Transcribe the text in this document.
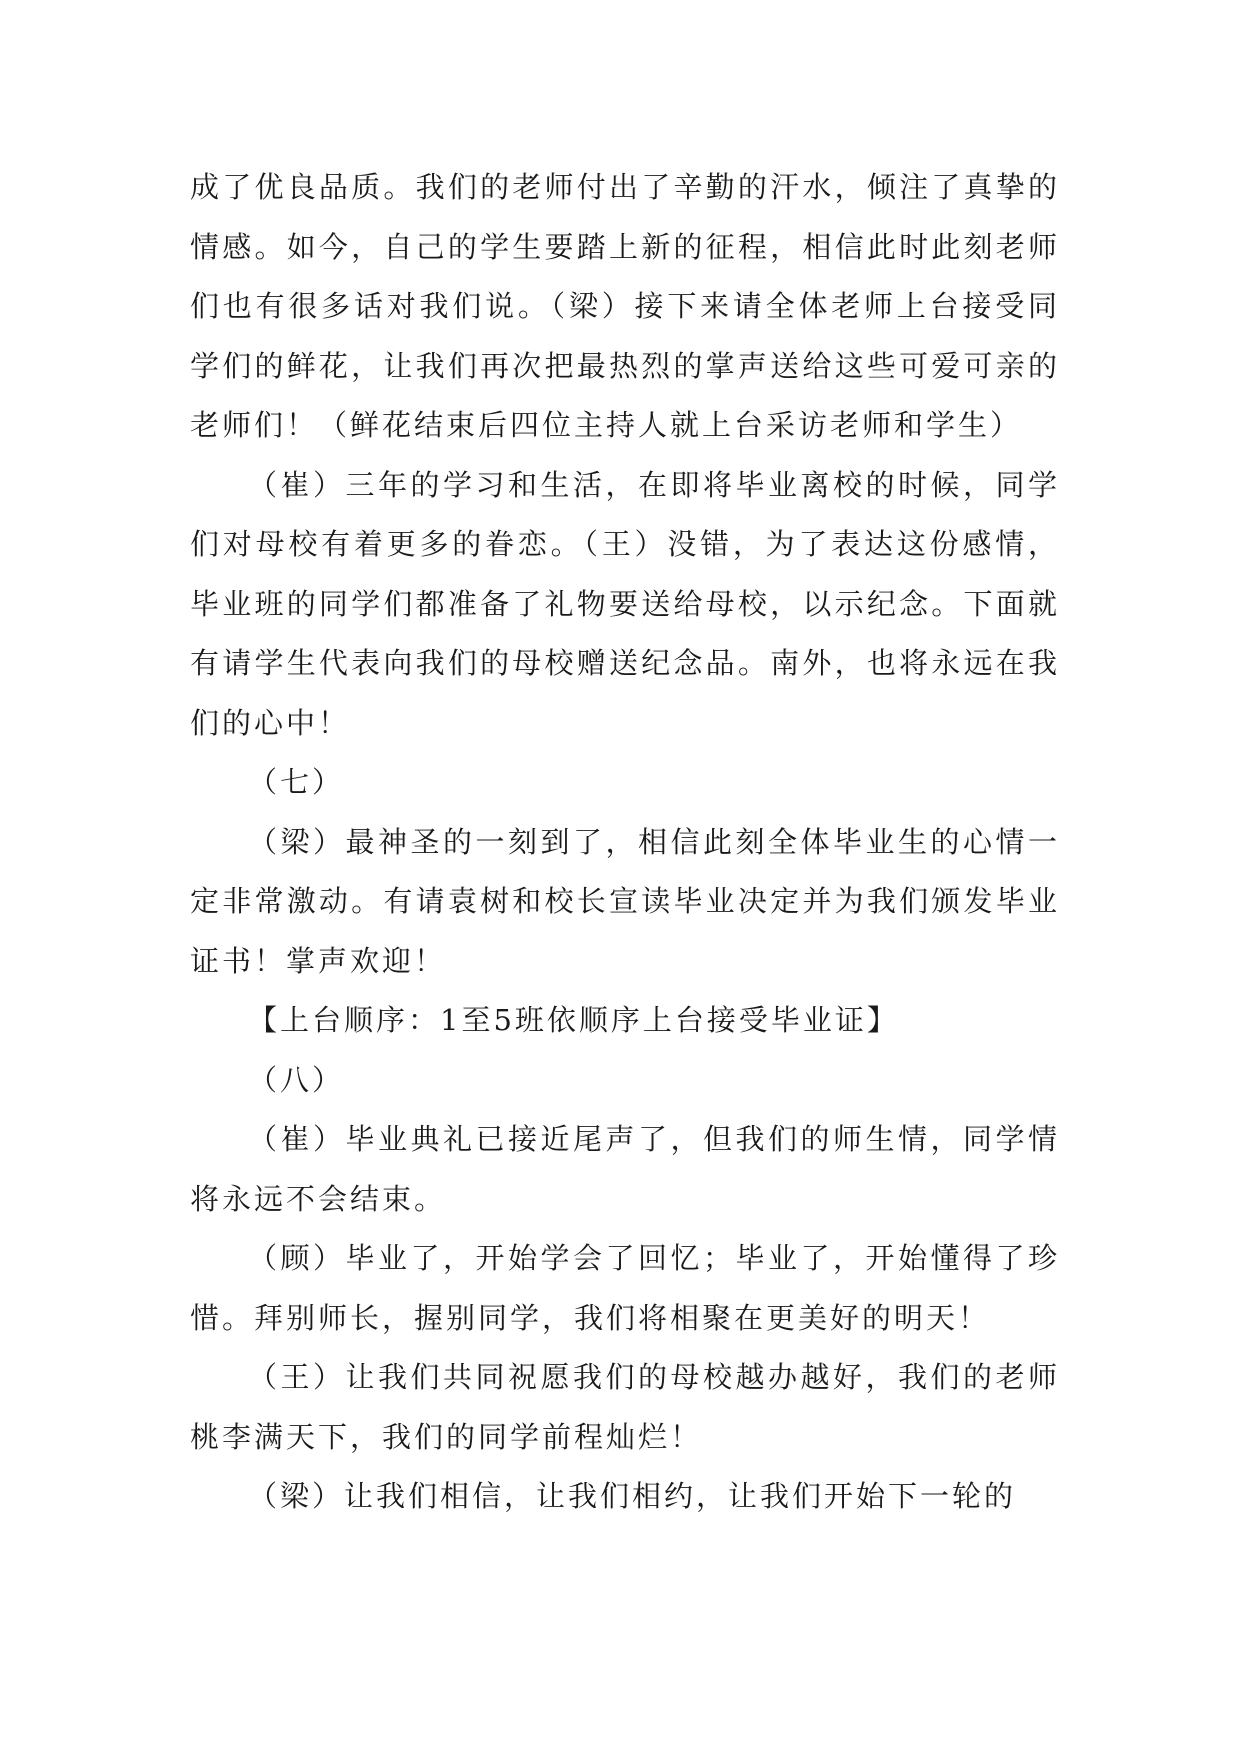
成了优良品质。我们的老师付出了辛勤的汗水，倾注了真挚的情感。如今，自己的学生要踏上新的征程，相信此时此刻老师们也有很多话对我们说。（梁）接下来请全体老师上台接受同学们的鲜花，让我们再次把最热烈的掌声送给这些可爱可亲的老师们！（鲜花结束后四位主持人就上台采访老师和学生）

（崔）三年的学习和生活，在即将毕业离校的时候，同学们对母校有着更多的眷恋。（王）没错，为了表达这份感情，毕业班的同学们都准备了礼物要送给母校，以示纪念。下面就有请学生代表向我们的母校赠送纪念品。南外，也将永远在我们的心中！

（七）

（梁）最神圣的一刻到了，相信此刻全体毕业生的心情一定非常激动。有请袁树和校长宣读毕业决定并为我们颁发毕业证书！掌声欢迎！

【上台顺序：1至5班依顺序上台接受毕业证】

（八）

（崔）毕业典礼已接近尾声了，但我们的师生情，同学情将永远不会结束。

（顾）毕业了，开始学会了回忆；毕业了，开始懂得了珍惜。拜别师长，握别同学，我们将相聚在更美好的明天！

（王）让我们共同祝愿我们的母校越办越好，我们的老师桃李满天下，我们的同学前程灿烂！

（梁）让我们相信，让我们相约，让我们开始下一轮的
